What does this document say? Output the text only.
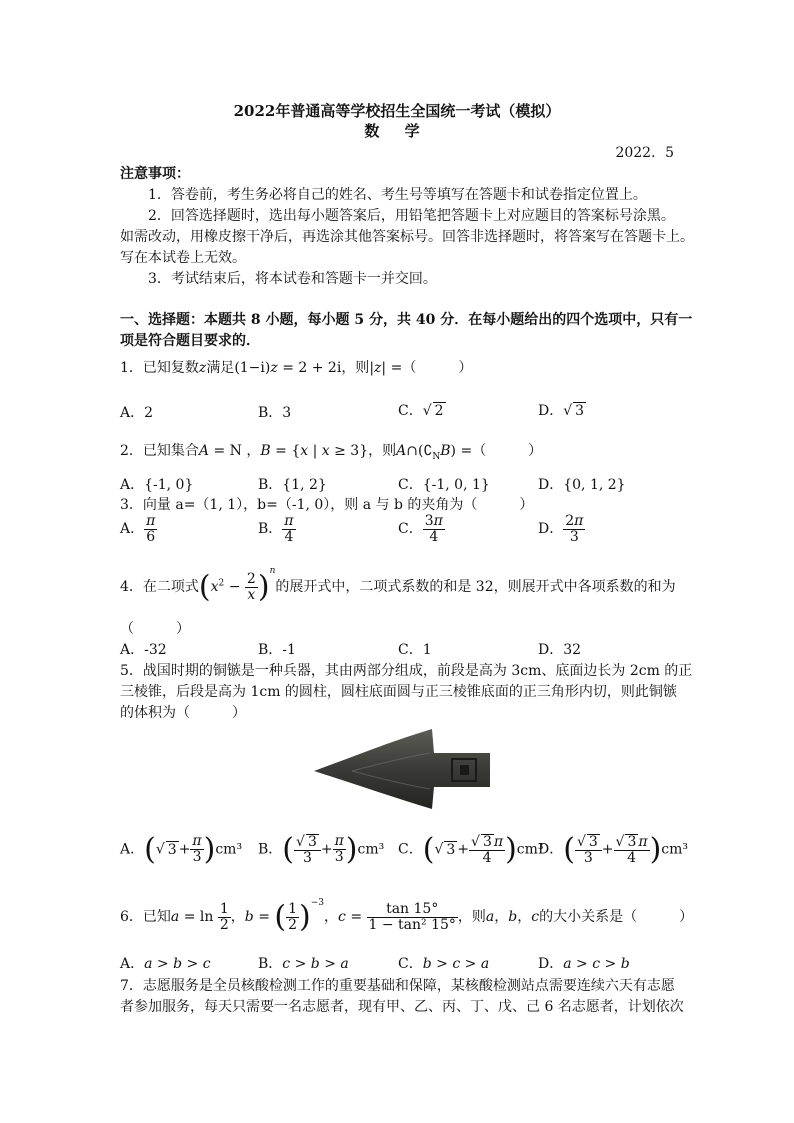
2022年普通高等学校招生全国统一考试（模拟）
数 学
2022．5
注意事项：
1．答卷前，考生务必将自己的姓名、考生号等填写在答题卡和试卷指定位置上。
2．回答选择题时，选出每小题答案后，用铅笔把答题卡上对应题目的答案标号涂黑。
如需改动，用橡皮擦干净后，再选涂其他答案标号。回答非选择题时，将答案写在答题卡上。
写在本试卷上无效。
3．考试结束后，将本试卷和答题卡一并交回。
一、选择题：本题共 8 小题，每小题 5 分，共 40 分．在每小题给出的四个选项中，只有一
项是符合题目要求的．
1．已知复数z满足(1−i)z = 2 + 2i，则|z| =（　　　）
A．2	B．3	C．√ 2	D．√ 3
2．已知集合A = N ，B = {x | x ≥ 3}，则$A\cap(∁_NB)$ =（　　　）
A．{-1, 0}	B．{1, 2}	C．{-1, 0, 1}	D．{0, 1, 2}
3．向量 a=（1, 1），b=（-1, 0），则 a 与 b 的夹角为（　　　）
A． $\frac{\pi}{6}$	B． $\frac{\pi}{4}$	C． $\frac{3\pi}{4}$	D． $\frac{2\pi}{3}$
4．在二项式$(x^2 - \frac{2}{x} )^n$的展开式中，二项式系数的和是 32，则展开式中各项系数的和为
（　　　）
A．-32	B．-1	C．1	D．32
5．战国时期的铜镞是一种兵器，其由两部分组成，前段是高为 3cm、底面边长为 2cm 的正
三棱锥，后段是高为 1cm 的圆柱，圆柱底面圆与正三棱锥底面的正三角形内切，则此铜镞
的体积为（　　　）
A．(√ $3 + \frac{\pi}{3} )cm^3$ B．( $\frac{√ 3}{3} + \frac{\pi}{3} )cm^3$ C．(√ $3 + \frac{√ 3 \pi}{4} )cm^3$
D．( $\frac{√ 3}{3} + \frac{√ 3 \pi}{4} )cm^3$
6．已知$a = \ln \frac{1}{2}$ ，b = ( $\frac{1}{2} )^{-3}$，$c = \frac{\tan 15^\circ}{\text{1 − tan² 15°}}$ ，则a，b，c的大小关系是（　　　）
A．a > b > c	B．c > b > a	C．b > c > a	D．a > c > b
7．志愿服务是全员核酸检测工作的重要基础和保障，某核酸检测站点需要连续六天有志愿
者参加服务，每天只需要一名志愿者，现有甲、乙、丙、丁、戊、己 6 名志愿者，计划依次
